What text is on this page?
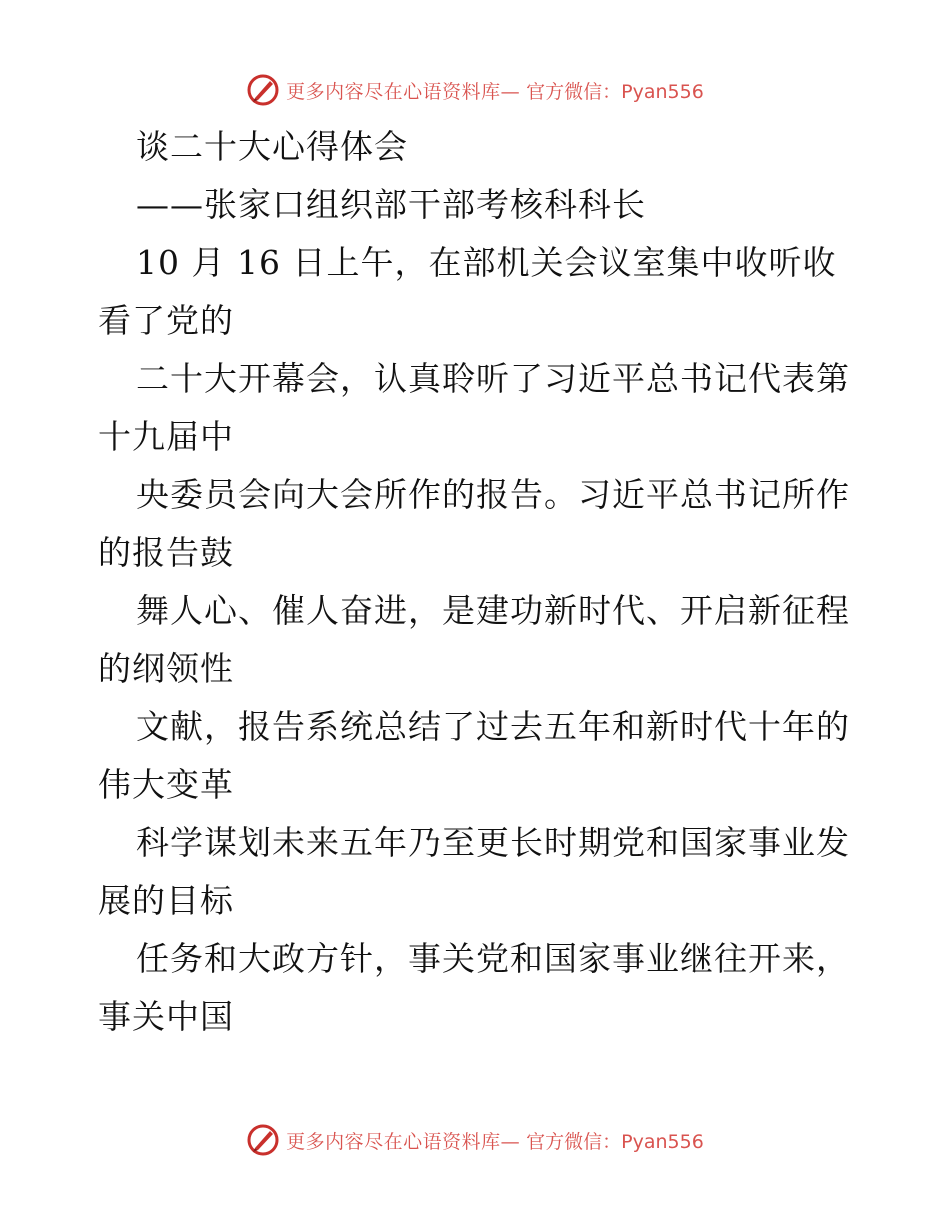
更多内容尽在心语资料库— 官方微信：Pyan556
谈二十大心得体会
——张家口组织部干部考核科科长
10 月 16 日上午，在部机关会议室集中收听收
看了党的
二十大开幕会，认真聆听了习近平总书记代表第
十九届中
央委员会向大会所作的报告。习近平总书记所作
的报告鼓
舞人心、催人奋进，是建功新时代、开启新征程
的纲领性
文献，报告系统总结了过去五年和新时代十年的
伟大变革
科学谋划未来五年乃至更长时期党和国家事业发
展的目标
任务和大政方针，事关党和国家事业继往开来，
事关中国
更多内容尽在心语资料库— 官方微信：Pyan556
